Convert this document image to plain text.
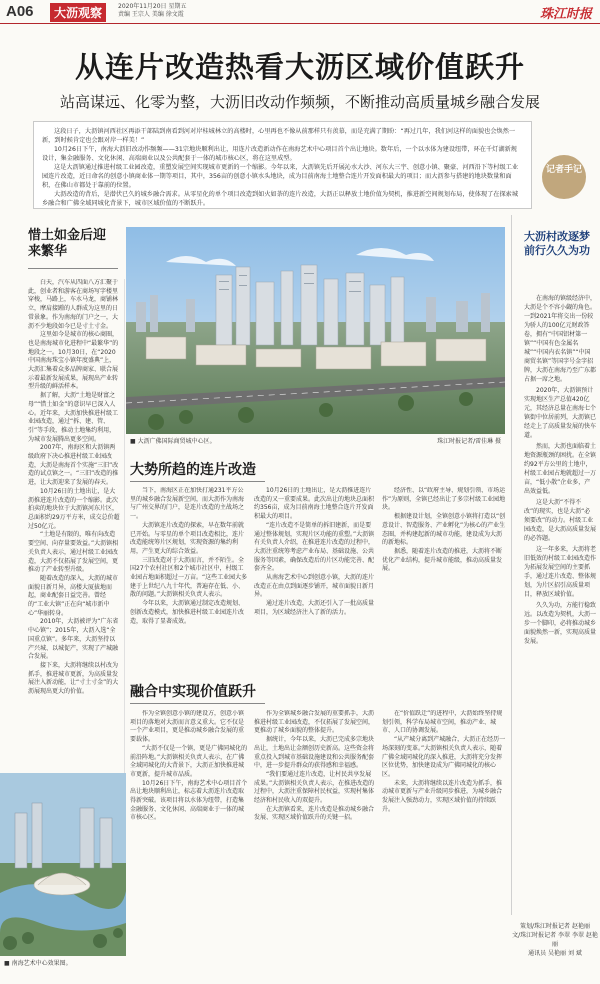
A06	大沥观察	2020年11月20日 星期五
责编 王宗人 美编 徐文霞	珠江时报
从连片改造热看大沥区域价值跃升
站高谋远、化零为整，大沥旧改动作频频，不断推动高质量城乡融合发展

这段日子，大沥镇河西社区再添干部陆到南看到河对岸桂城林立的高楼时，心里再也不像从前那样只有羡慕，而是充满了期盼：“再过几年，我们河这样的面貌也会焕然一新，到时候肯定也会跟对岸一样美！”

10月26日下午，南海大沥旧改动作频频——31宗地块顺利出让，用连片改造新动作在南海艺术中心项目首个出让地块。数年后，一个以水体为建设纽带，环在千灯湖新规设计，集金融服务、文化休闲、高端商业以及公共配套于一体的城市核心区，将在这里成型。

这是大沥镇通过推进村级工业园改造，重塑发展空间实现城市更新的一个缩影。今年以来，大沥镇先后开展沁水大沙、河东大三宇、创意小镇、聚豪、河西沿下等村级工业园连片改造，近日命名的创意小镇商业体一期等项目，其中，356亩的创意小镇水头地块，成为目前南海土地整合连片开发面积最大的项目；而大沥参与搭建的地块数量和面积，在佛山市都处于靠前的位置。

大沥改造的背后，是潜伏已久的城乡融合需求。从零星化的单个项目改造到如火如荼的连片改造，大沥正以释放土地价值为契机，推进新空间规划布局，使体现了在探索城乡融合和广佛全域同城化背景下，城市区域价值的不断跃升。

记者手记
大沥村改逐梦前行久久为功

在南海的镇级经济中，大沥是个不容小觑的角色。一到2021年将交出一份较为骄人的100亿元财政答卷，拥有“中国铝材第一镇”“中国有色金属名城”“中国内衣名镇”“中国商贸名镇”等国字号金字招牌，大沥在南海乃至广东都占据一席之地。

2020年，大沥镇预计实现地区生产总值420亿元，其经济总量在南海七个镇街中位居前列，大沥镇已经走上了高质量发展的快车道。

然而，大沥也面临着土地资源瓶颈的困扰。在全镇约92平方公里的土地中，村级工业园占地就超过一万亩，“低小散”企业多，产出效益低。

这是大沥“不得不改”的现实，也是大沥“必须要改”的动力。村级工业园改造，是大沥高质量发展的必答题。

这一年多来，大沥将老旧低效的村级工业园改造作为拓展发展空间的主要抓手，通过连片改造、整体规划，为片区招引高质量项目，释放区域价值。

久久为功，方能行稳致远。以改造为契机，大沥一步一个脚印，必将推动城乡面貌焕然一新，实现高质量发展。

策划/珠江时报记者 赵艳丽
文/珠江时报记者 李翠 李翠 赵艳丽
通讯员 吴艳丽 刘 斌
惜土如金后迎来繁华

白天，汽车从四面八方汇聚于此，创业者和游客在商场写字楼里穿梭，马路上，车水马龙，商铺林立，摩肩接踵的人群成为这里的日常景象。作为南海的门户之一，大沥不少地段如今已是寸土寸金。

这里如今是城市的核心商圈，也是南海城市化进程中“最繁华”的地段之一。10月30日，在“2020中国南海珠宝小镇年度盛典”上，大沥汇集着众多品牌商家、联合展示着最新发展成果，展现出产业转型升级的鲜活样本。

据了解，大沥“土地是财富之母”“惜土如金”的意识早已深入人心。近年来，大沥加快推进村级工业园改造，通过“拆、建、管、引”等手段，推动土地集约利用，为城市发展腾出更多空间。

2007年，南海区和大沥镇两级政府下决心推进村级工业园改造，大沥是南海首个实施“三旧”改造的试点镇之一。“三旧”改造的推进，让大沥迎来了发展的春天。

10月26日的土地出让，是大沥推进连片改造的一个缩影。此次拍卖的地块位于大沥镇河东片区，总面积约29万平方米，成交总价超过50亿元。

“土地是有限的，唯有向改造要空间、向存量要效益。”大沥镇相关负责人表示，通过村级工业园改造，大沥不仅拓展了发展空间，更推动了产业转型升级。

随着改造的深入，大沥的城市面貌日新月异，高楼大厦拔地而起，商业配套日益完善。曾经的“工业大镇”正在向“城市新中心”华丽转身。

2010年，大沥被评为“广东省中心镇”；2015年，大沥入选“全国重点镇”。多年来，大沥坚持以产兴城、以城促产，实现了产城融合发展。

接下来，大沥将继续以村改为抓手，推进城市更新，为高质量发展注入新动能，让“寸土寸金”的大沥展现出更大的价值。

■ 大沥广佛国际商贸城中心区。	珠江时报记者/雷佳琳 摄
大势所趋的连片改造

当下，南海区正在加快打通231平方公里的城乡融合发展新空间，而大沥作为南海与广州交界的门户，是连片改造的主战场之一。

大沥镇连片改造的探索，早在数年前就已开始。与零星的单个项目改造相比，连片改造能统筹片区规划，实现资源的集约利用，产生更大的综合效益。

三旧改造对于大沥而言，并不陌生。全国27个农村社区和2个城市社区中，村级工业园占地面积超过一万亩。“这些工业园大多建于上世纪八九十年代，普遍存在低、小、散的问题。”大沥镇相关负责人表示。

今年以来，大沥镇通过制定改造规划、创新改造模式，加快推进村级工业园连片改造，取得了显著成效。

10月26日的土地出让，是大沥推进连片改造的又一重要成果。此次出让的地块总面积约356亩，成为目前南海土地整合连片开发面积最大的项目。

“连片改造不是简单的拆旧建新，而是要通过整体规划，实现片区功能的重塑。”大沥镇有关负责人介绍，在推进连片改造的过程中，大沥注重统筹考虑产业布局、基础设施、公共服务等因素，确保改造后的片区功能完善、配套齐全。

从南海艺术中心到创意小镇，大沥的连片改造正在由点到面逐步铺开，城市面貌日新月异。

通过连片改造，大沥还引入了一批高质量项目，为区域经济注入了新的活力。

经济性、以“政府主导、规划引领、市场运作”为原则，全镇已经出让了多宗村级工业园地块。

根据建设计划，全镇创意小镇将打造以“创意设计、智造服务、产业孵化”为核心的产业生态圈，并构建起新的城市功能，建设成为大沥的新地标。

据悉，随着连片改造的推进，大沥将不断优化产业结构，提升城市能级，推动高质量发展。

融合中实现价值跃升

作为全镇创意小镇的建设方，创意小镇项目的落地对大沥而言意义重大。它不仅是一个产业项目，更是推动城乡融合发展的重要载体。

“大沥不仅是一个镇，更是广佛同城化的前沿阵地。”大沥镇相关负责人表示，在广佛全域同城化的大背景下，大沥正加快推进城市更新，提升城市品质。

10月26日下午，南海艺术中心项目首个出让地块顺利出让，标志着大沥连片改造取得新突破。该项目将以水体为纽带，打造集金融服务、文化休闲、高端商业于一体的城市核心区。

作为全镇城乡融合发展的重要抓手，大沥推进村级工业园改造，不仅拓展了发展空间，更推动了城乡面貌的整体提升。

据统计，今年以来，大沥已完成多宗地块出让，土地出让金额创历史新高。这些资金将重点投入到城市基础设施建设和公共服务配套中，进一步提升群众的获得感和幸福感。

“我们要通过连片改造，让村民共享发展成果。”大沥镇相关负责人表示，在推进改造的过程中，大沥注重保障村民权益，实现村集体经济和村民收入的双提升。

在大沥镇看来，连片改造是推动城乡融合发展、实现区域价值跃升的关键一招。

在“价值跃迁”的进程中，大沥始终坚持规划引领，科学布局城市空间，推动产业、城市、人口的协调发展。

“从产城分离到产城融合，大沥正在经历一场深刻的变革。”大沥镇相关负责人表示，随着广佛全域同城化的深入推进，大沥将充分发挥区位优势，加快建设成为广佛同城化的核心区。

未来，大沥将继续以连片改造为抓手，推动城市更新与产业升级同步推进，为城乡融合发展注入强劲动力，实现区域价值的持续跃升。

■ 南海艺术中心效果图。
